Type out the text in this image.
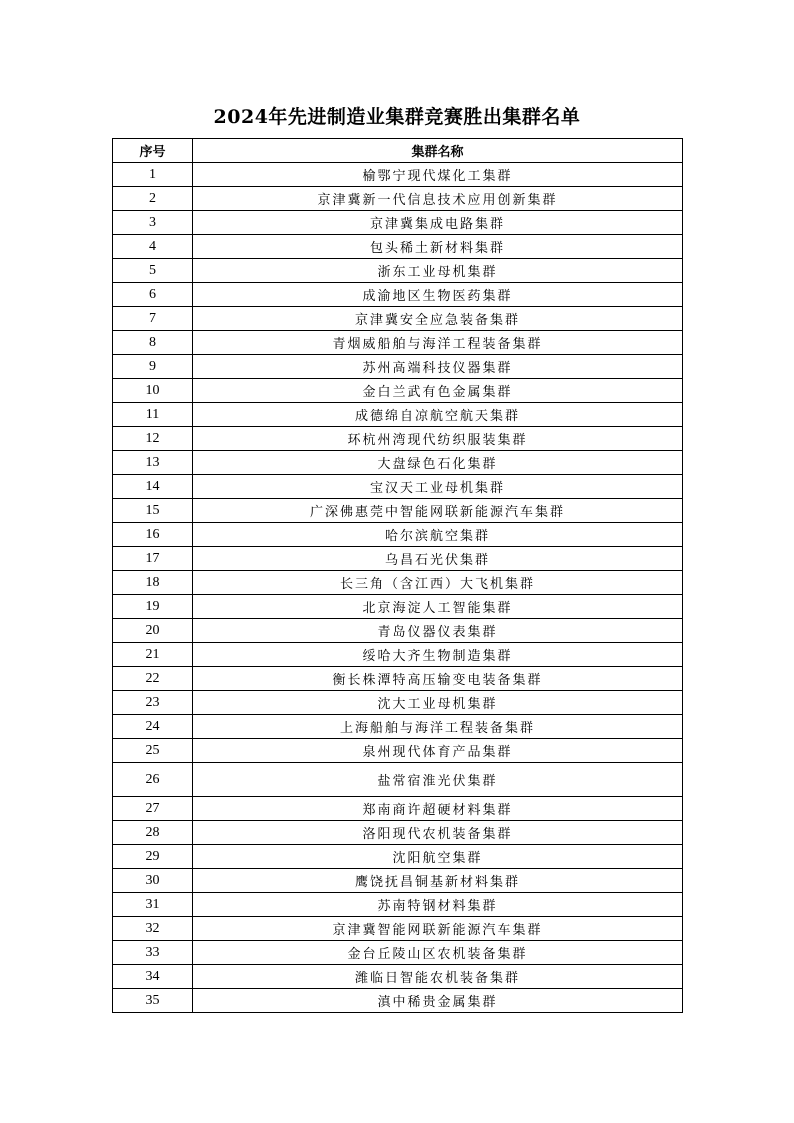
2024年先进制造业集群竞赛胜出集群名单
序号	集群名称
1	榆鄂宁现代煤化工集群
2	京津冀新一代信息技术应用创新集群
3	京津冀集成电路集群
4	包头稀土新材料集群
5	浙东工业母机集群
6	成渝地区生物医药集群
7	京津冀安全应急装备集群
8	青烟威船舶与海洋工程装备集群
9	苏州高端科技仪器集群
10	金白兰武有色金属集群
11	成德绵自凉航空航天集群
12	环杭州湾现代纺织服装集群
13	大盘绿色石化集群
14	宝汉天工业母机集群
15	广深佛惠莞中智能网联新能源汽车集群
16	哈尔滨航空集群
17	乌昌石光伏集群
18	长三角（含江西）大飞机集群
19	北京海淀人工智能集群
20	青岛仪器仪表集群
21	绥哈大齐生物制造集群
22	衡长株潭特高压输变电装备集群
23	沈大工业母机集群
24	上海船舶与海洋工程装备集群
25	泉州现代体育产品集群
26	盐常宿淮光伏集群
27	郑南商许超硬材料集群
28	洛阳现代农机装备集群
29	沈阳航空集群
30	鹰饶抚昌铜基新材料集群
31	苏南特钢材料集群
32	京津冀智能网联新能源汽车集群
33	金台丘陵山区农机装备集群
34	潍临日智能农机装备集群
35	滇中稀贵金属集群
